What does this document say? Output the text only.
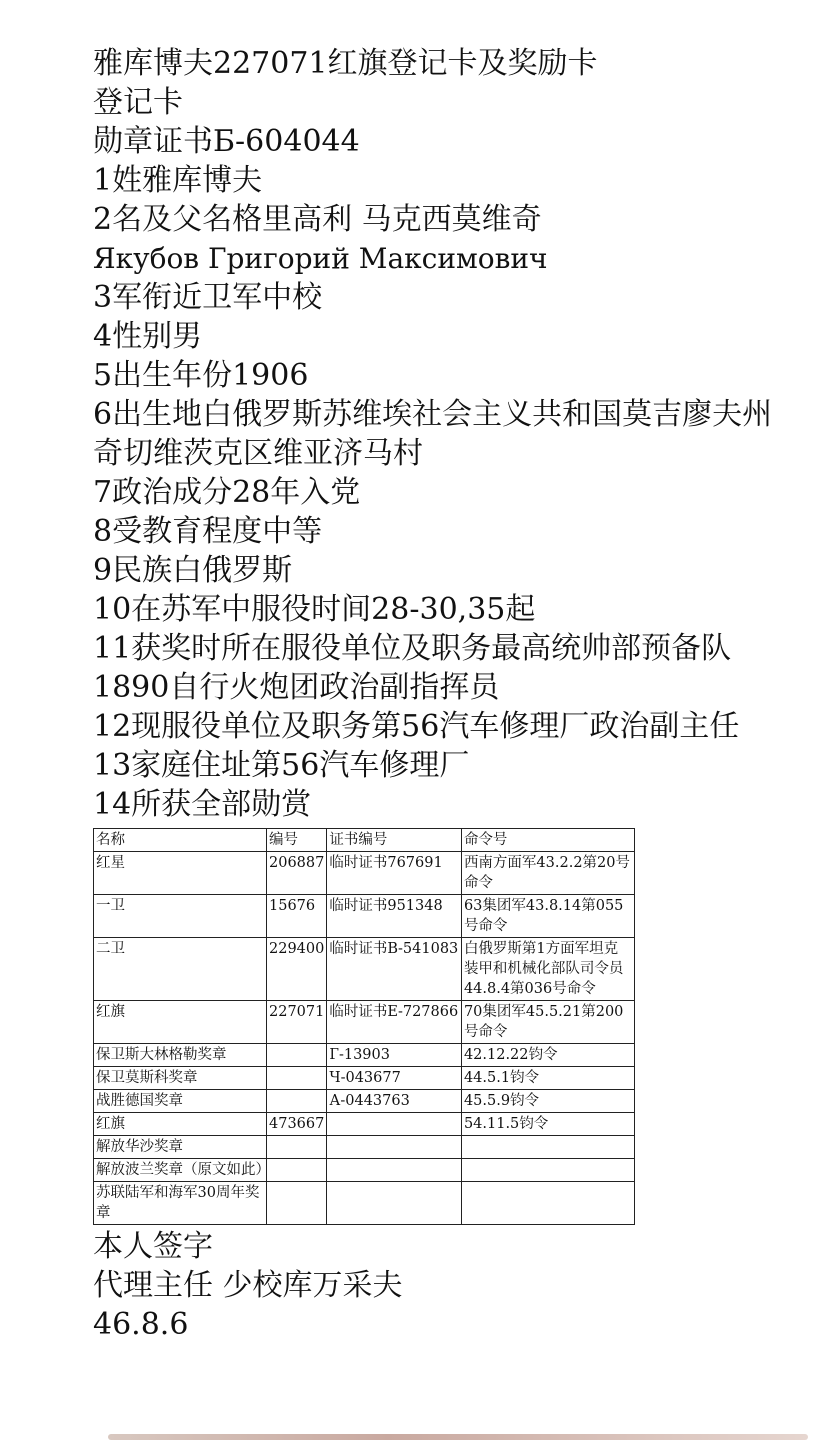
雅库博夫227071红旗登记卡及奖励卡

登记卡

勋章证书Б-604044

1姓雅库博夫

2名及父名格里高利 马克西莫维奇

Якубов Григорий Максимович

3军衔近卫军中校

4性别男

5出生年份1906

6出生地白俄罗斯苏维埃社会主义共和国莫吉廖夫州奇切维茨克区维亚济马村

7政治成分28年入党

8受教育程度中等

9民族白俄罗斯

10在苏军中服役时间28-30,35起

11获奖时所在服役单位及职务最高统帅部预备队1890自行火炮团政治副指挥员

12现服役单位及职务第56汽车修理厂政治副主任

13家庭住址第56汽车修理厂

14所获全部勋赏

名称	编号	证书编号	命令号
红星	206887	临时证书767691	西南方面军43.2.2第20号命令
一卫	15676	临时证书951348	63集团军43.8.14第055号命令
二卫	229400	临时证书В-541083	白俄罗斯第1方面军坦克装甲和机械化部队司令员44.8.4第036号命令
红旗	227071	临时证书Е-727866	70集团军45.5.21第200号命令
保卫斯大林格勒奖章		Г-13903	42.12.22钧令
保卫莫斯科奖章		Ч-043677	44.5.1钧令
战胜德国奖章		А-0443763	45.5.9钧令
红旗	473667		54.11.5钧令
解放华沙奖章			
解放波兰奖章（原文如此）			
苏联陆军和海军30周年奖章			

本人签字

代理主任 少校库万采夫

46.8.6
